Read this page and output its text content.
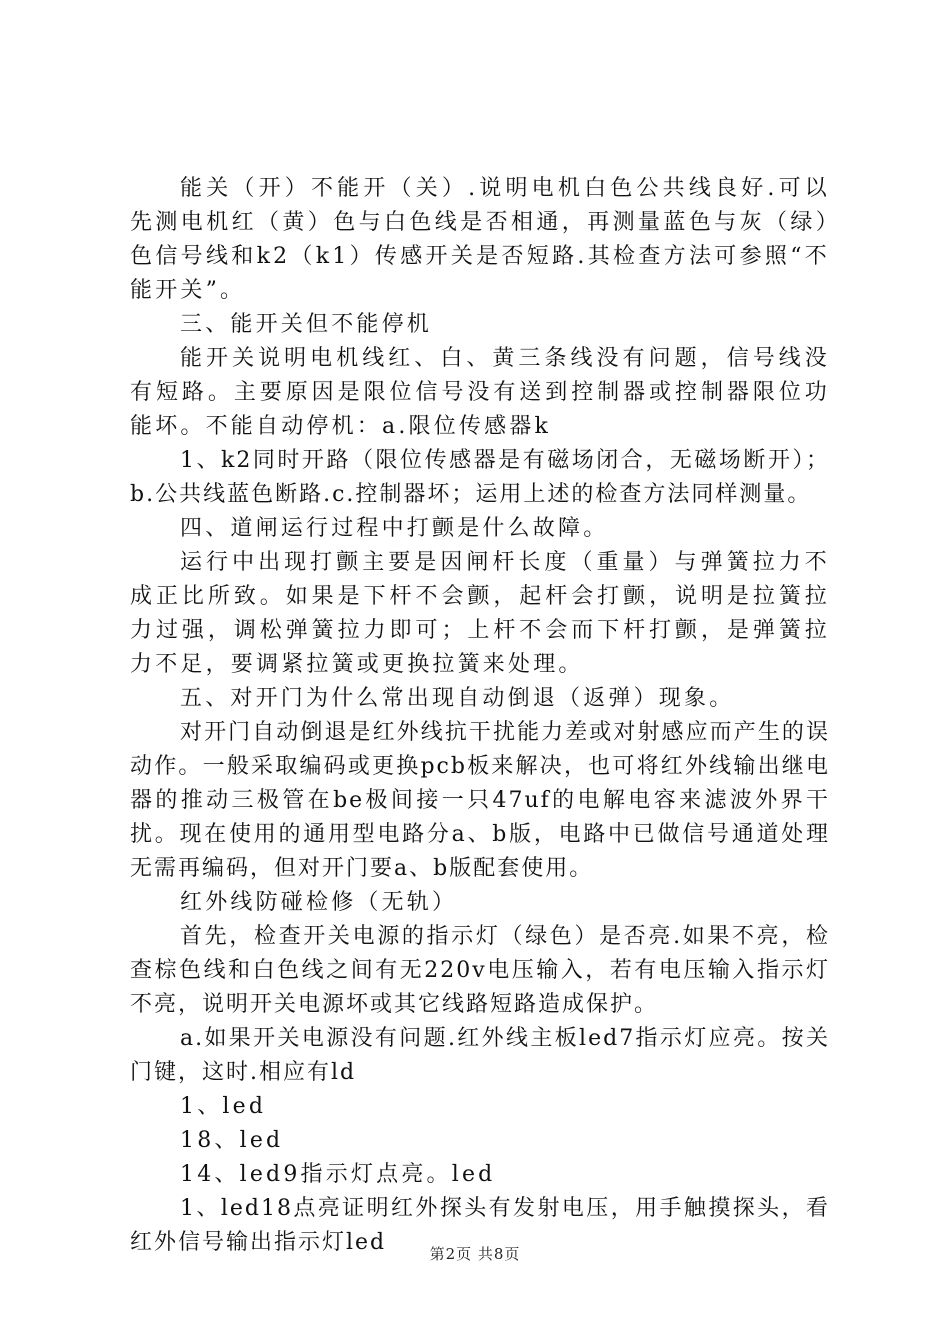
能关（开）不能开（关）.说明电机白色公共线良好.可以先测电机红（黄）色与白色线是否相通，再测量蓝色与灰（绿）色信号线和k2（k1）传感开关是否短路.其检查方法可参照“不能开关”。

三、能开关但不能停机

能开关说明电机线红、白、黄三条线没有问题，信号线没有短路。主要原因是限位信号没有送到控制器或控制器限位功能坏。不能自动停机：a.限位传感器k

1、k2同时开路（限位传感器是有磁场闭合，无磁场断开）；b.公共线蓝色断路.c.控制器坏；运用上述的检查方法同样测量。

四、道闸运行过程中打颤是什么故障。

运行中出现打颤主要是因闸杆长度（重量）与弹簧拉力不成正比所致。如果是下杆不会颤，起杆会打颤，说明是拉簧拉力过强，调松弹簧拉力即可；上杆不会而下杆打颤，是弹簧拉力不足，要调紧拉簧或更换拉簧来处理。

五、对开门为什么常出现自动倒退（返弹）现象。

对开门自动倒退是红外线抗干扰能力差或对射感应而产生的误动作。一般采取编码或更换pcb板来解决，也可将红外线输出继电器的推动三极管在be极间接一只47uf的电解电容来滤波外界干扰。现在使用的通用型电路分a、b版，电路中已做信号通道处理无需再编码，但对开门要a、b版配套使用。

红外线防碰检修（无轨）

首先，检查开关电源的指示灯（绿色）是否亮.如果不亮，检查棕色线和白色线之间有无220v电压输入，若有电压输入指示灯不亮，说明开关电源坏或其它线路短路造成保护。

a.如果开关电源没有问题.红外线主板led7指示灯应亮。按关门键，这时.相应有ld

1、led

18、led

14、led9指示灯点亮。led

1、led18点亮证明红外探头有发射电压，用手触摸探头，看红外信号输出指示灯led	第2页 共8页
